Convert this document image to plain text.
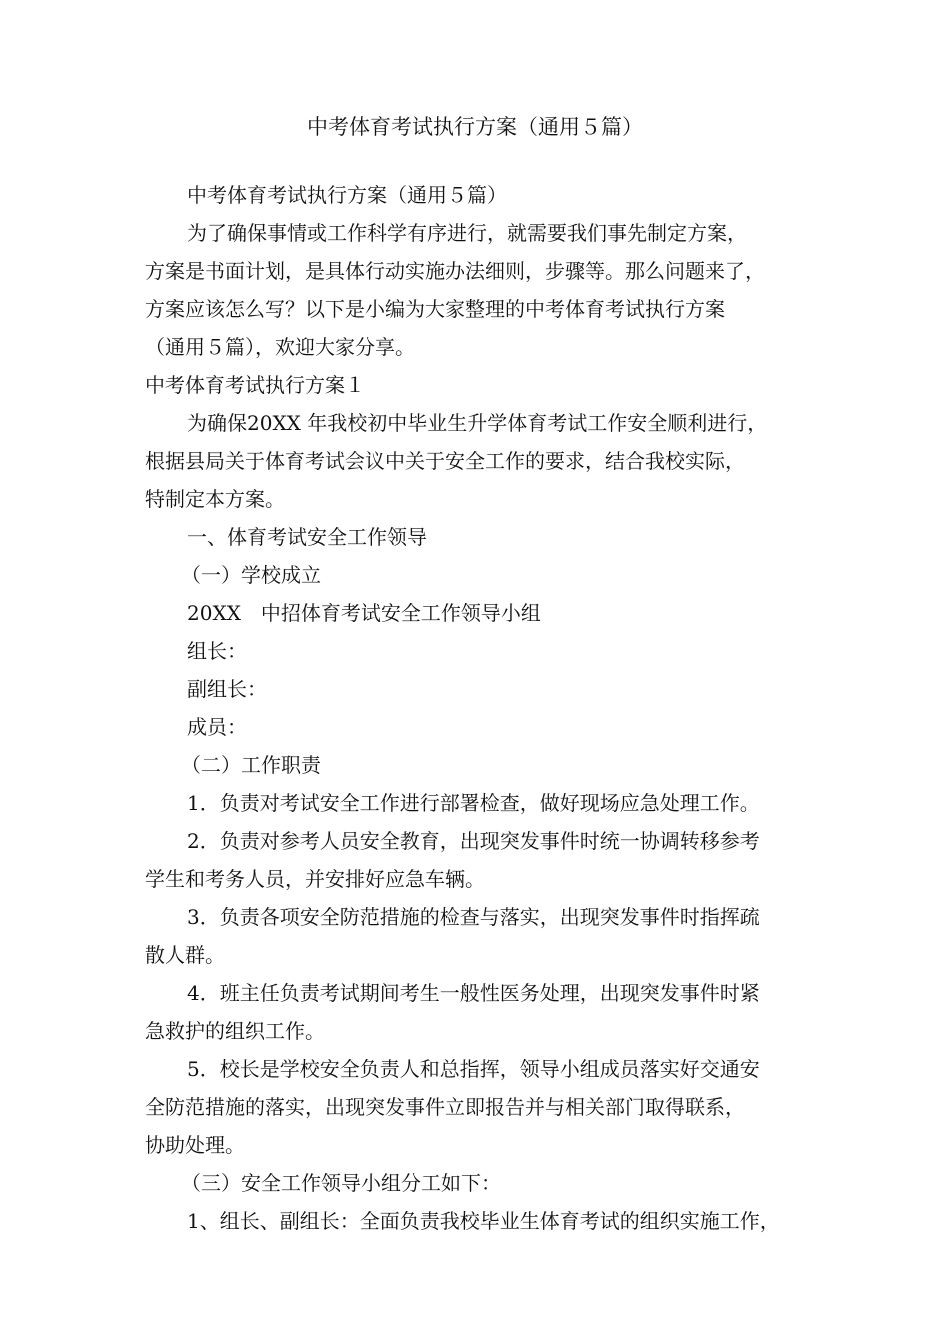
中考体育考试执行方案（通用５篇）
中考体育考试执行方案（通用５篇）
为了确保事情或工作科学有序进行，就需要我们事先制定方案，
方案是书面计划，是具体行动实施办法细则，步骤等。那么问题来了，
方案应该怎么写？以下是小编为大家整理的中考体育考试执行方案
（通用５篇），欢迎大家分享。
中考体育考试执行方案１
为确保20XX 年我校初中毕业生升学体育考试工作安全顺利进行，
根据县局关于体育考试会议中关于安全工作的要求，结合我校实际，
特制定本方案。
一、体育考试安全工作领导
（一）学校成立
20XX　中招体育考试安全工作领导小组
组长：
副组长：
成员：
（二）工作职责
1．负责对考试安全工作进行部署检查，做好现场应急处理工作。
2．负责对参考人员安全教育，出现突发事件时统一协调转移参考
学生和考务人员，并安排好应急车辆。
3．负责各项安全防范措施的检查与落实，出现突发事件时指挥疏
散人群。
4．班主任负责考试期间考生一般性医务处理，出现突发事件时紧
急救护的组织工作。
5．校长是学校安全负责人和总指挥，领导小组成员落实好交通安
全防范措施的落实，出现突发事件立即报告并与相关部门取得联系，
协助处理。
（三）安全工作领导小组分工如下：
1、组长、副组长：全面负责我校毕业生体育考试的组织实施工作，
